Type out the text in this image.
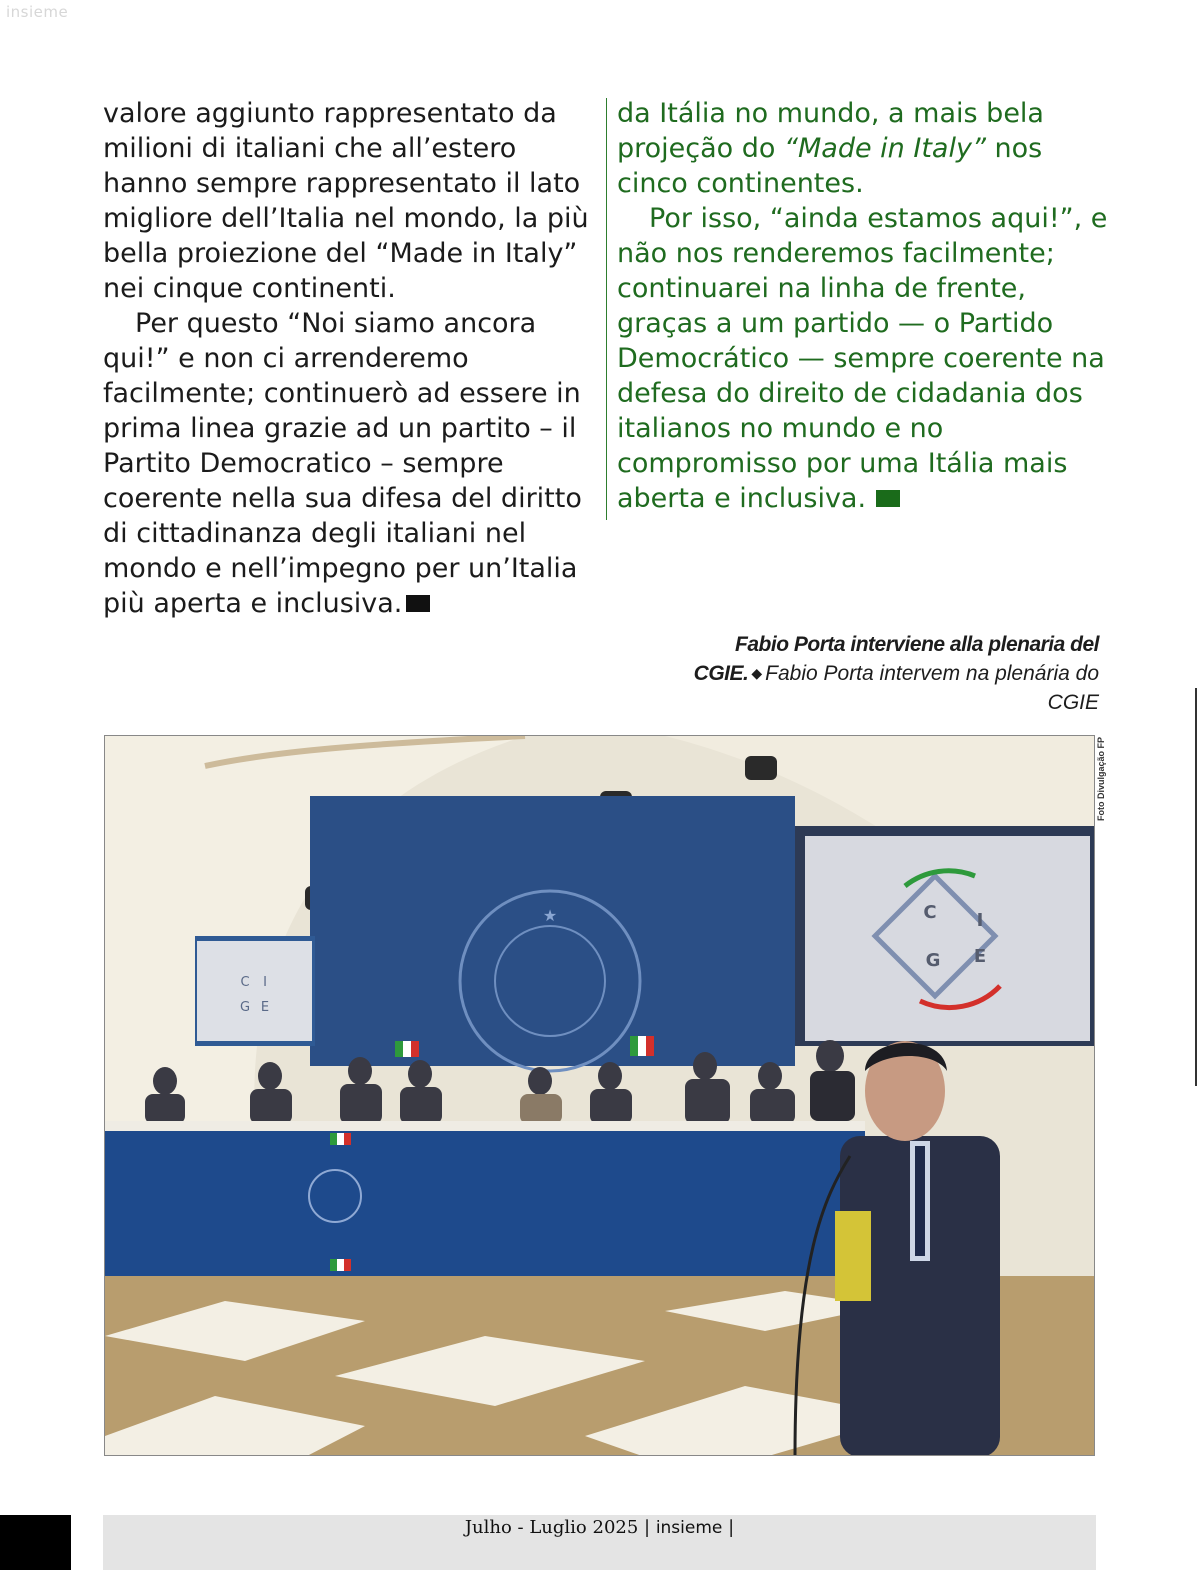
insieme

valore aggiunto rappresentato da milioni di italiani che all’estero hanno sempre rappresentato il lato migliore dell’Italia nel mondo, la più bella proiezione del “Made in Italy” nei cinque continenti.

Per questo “Noi siamo ancora qui!” e non ci arrenderemo facilmente; continuerò ad essere in prima linea grazie ad un partito – il Partito Democratico – sempre coerente nella sua difesa del diritto di cittadinanza degli italiani nel mondo e nell’impegno per un’Italia più aperta e inclusiva.

da Itália no mundo, a mais bela projeção do “Made in Italy” nos cinco continentes.

Por isso, “ainda estamos aqui!”, e não nos renderemos facilmente; continuarei na linha de frente, graças a um partido — o Partido Democrático — sempre coerente na defesa do direito de cidadania dos italianos no mundo e no compromisso por uma Itália mais aberta e inclusiva.

Fabio Porta interviene alla plenaria del CGIE. ◆ Fabio Porta intervem na plenária do CGIE
Foto Divulgação FP
★
C I
G E
C I
G E
Julho - Luglio 2025 | insieme |
